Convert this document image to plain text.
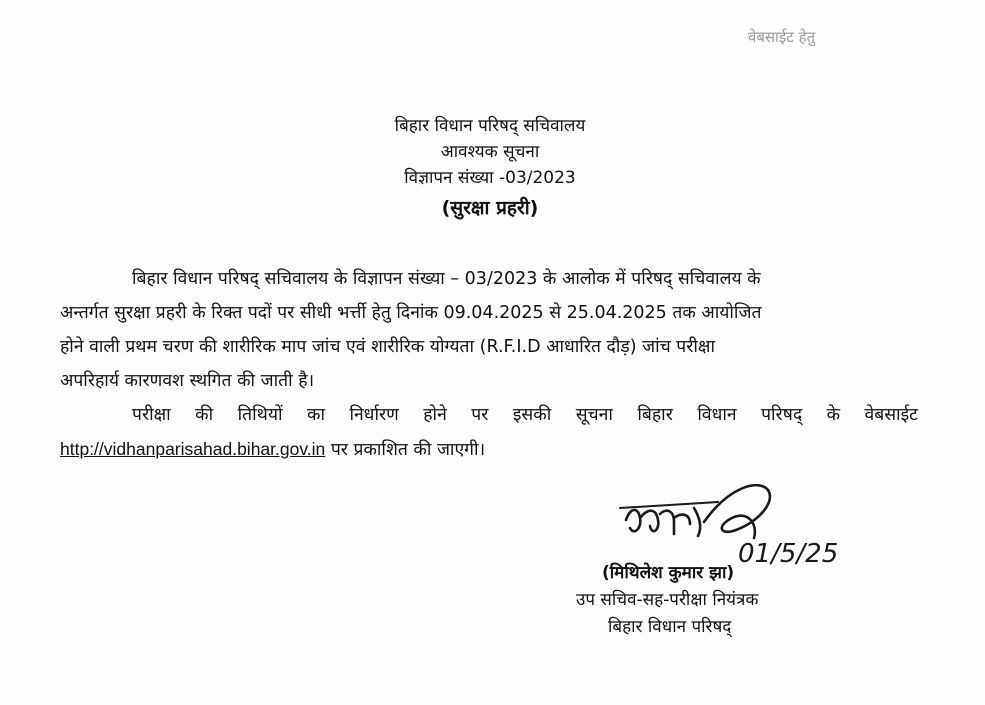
वेबसाईट हेतु
बिहार विधान परिषद् सचिवालय
आवश्यक सूचना
विज्ञापन संख्या -03/2023
(सुरक्षा प्रहरी)
बिहार विधान परिषद् सचिवालय के विज्ञापन संख्या – 03/2023 के आलोक में परिषद् सचिवालय के
अन्तर्गत सुरक्षा प्रहरी के रिक्त पदों पर सीधी भर्त्ती हेतु दिनांक 09.04.2025 से 25.04.2025 तक आयोजित
होने वाली प्रथम चरण की शारीरिक माप जांच एवं शारीरिक योग्यता (R.F.I.D आधारित दौड़) जांच परीक्षा
अपरिहार्य कारणवश स्थगित की जाती है।
परीक्षा की तिथियों का निर्धारण होने पर इसकी सूचना बिहार विधान परिषद् के वेबसाईट
http://vidhanparisahad.bihar.gov.in पर प्रकाशित की जाएगी।
01/5/25
(मिथिलेश कुमार झा)
उप सचिव-सह-परीक्षा नियंत्रक
बिहार विधान परिषद्
